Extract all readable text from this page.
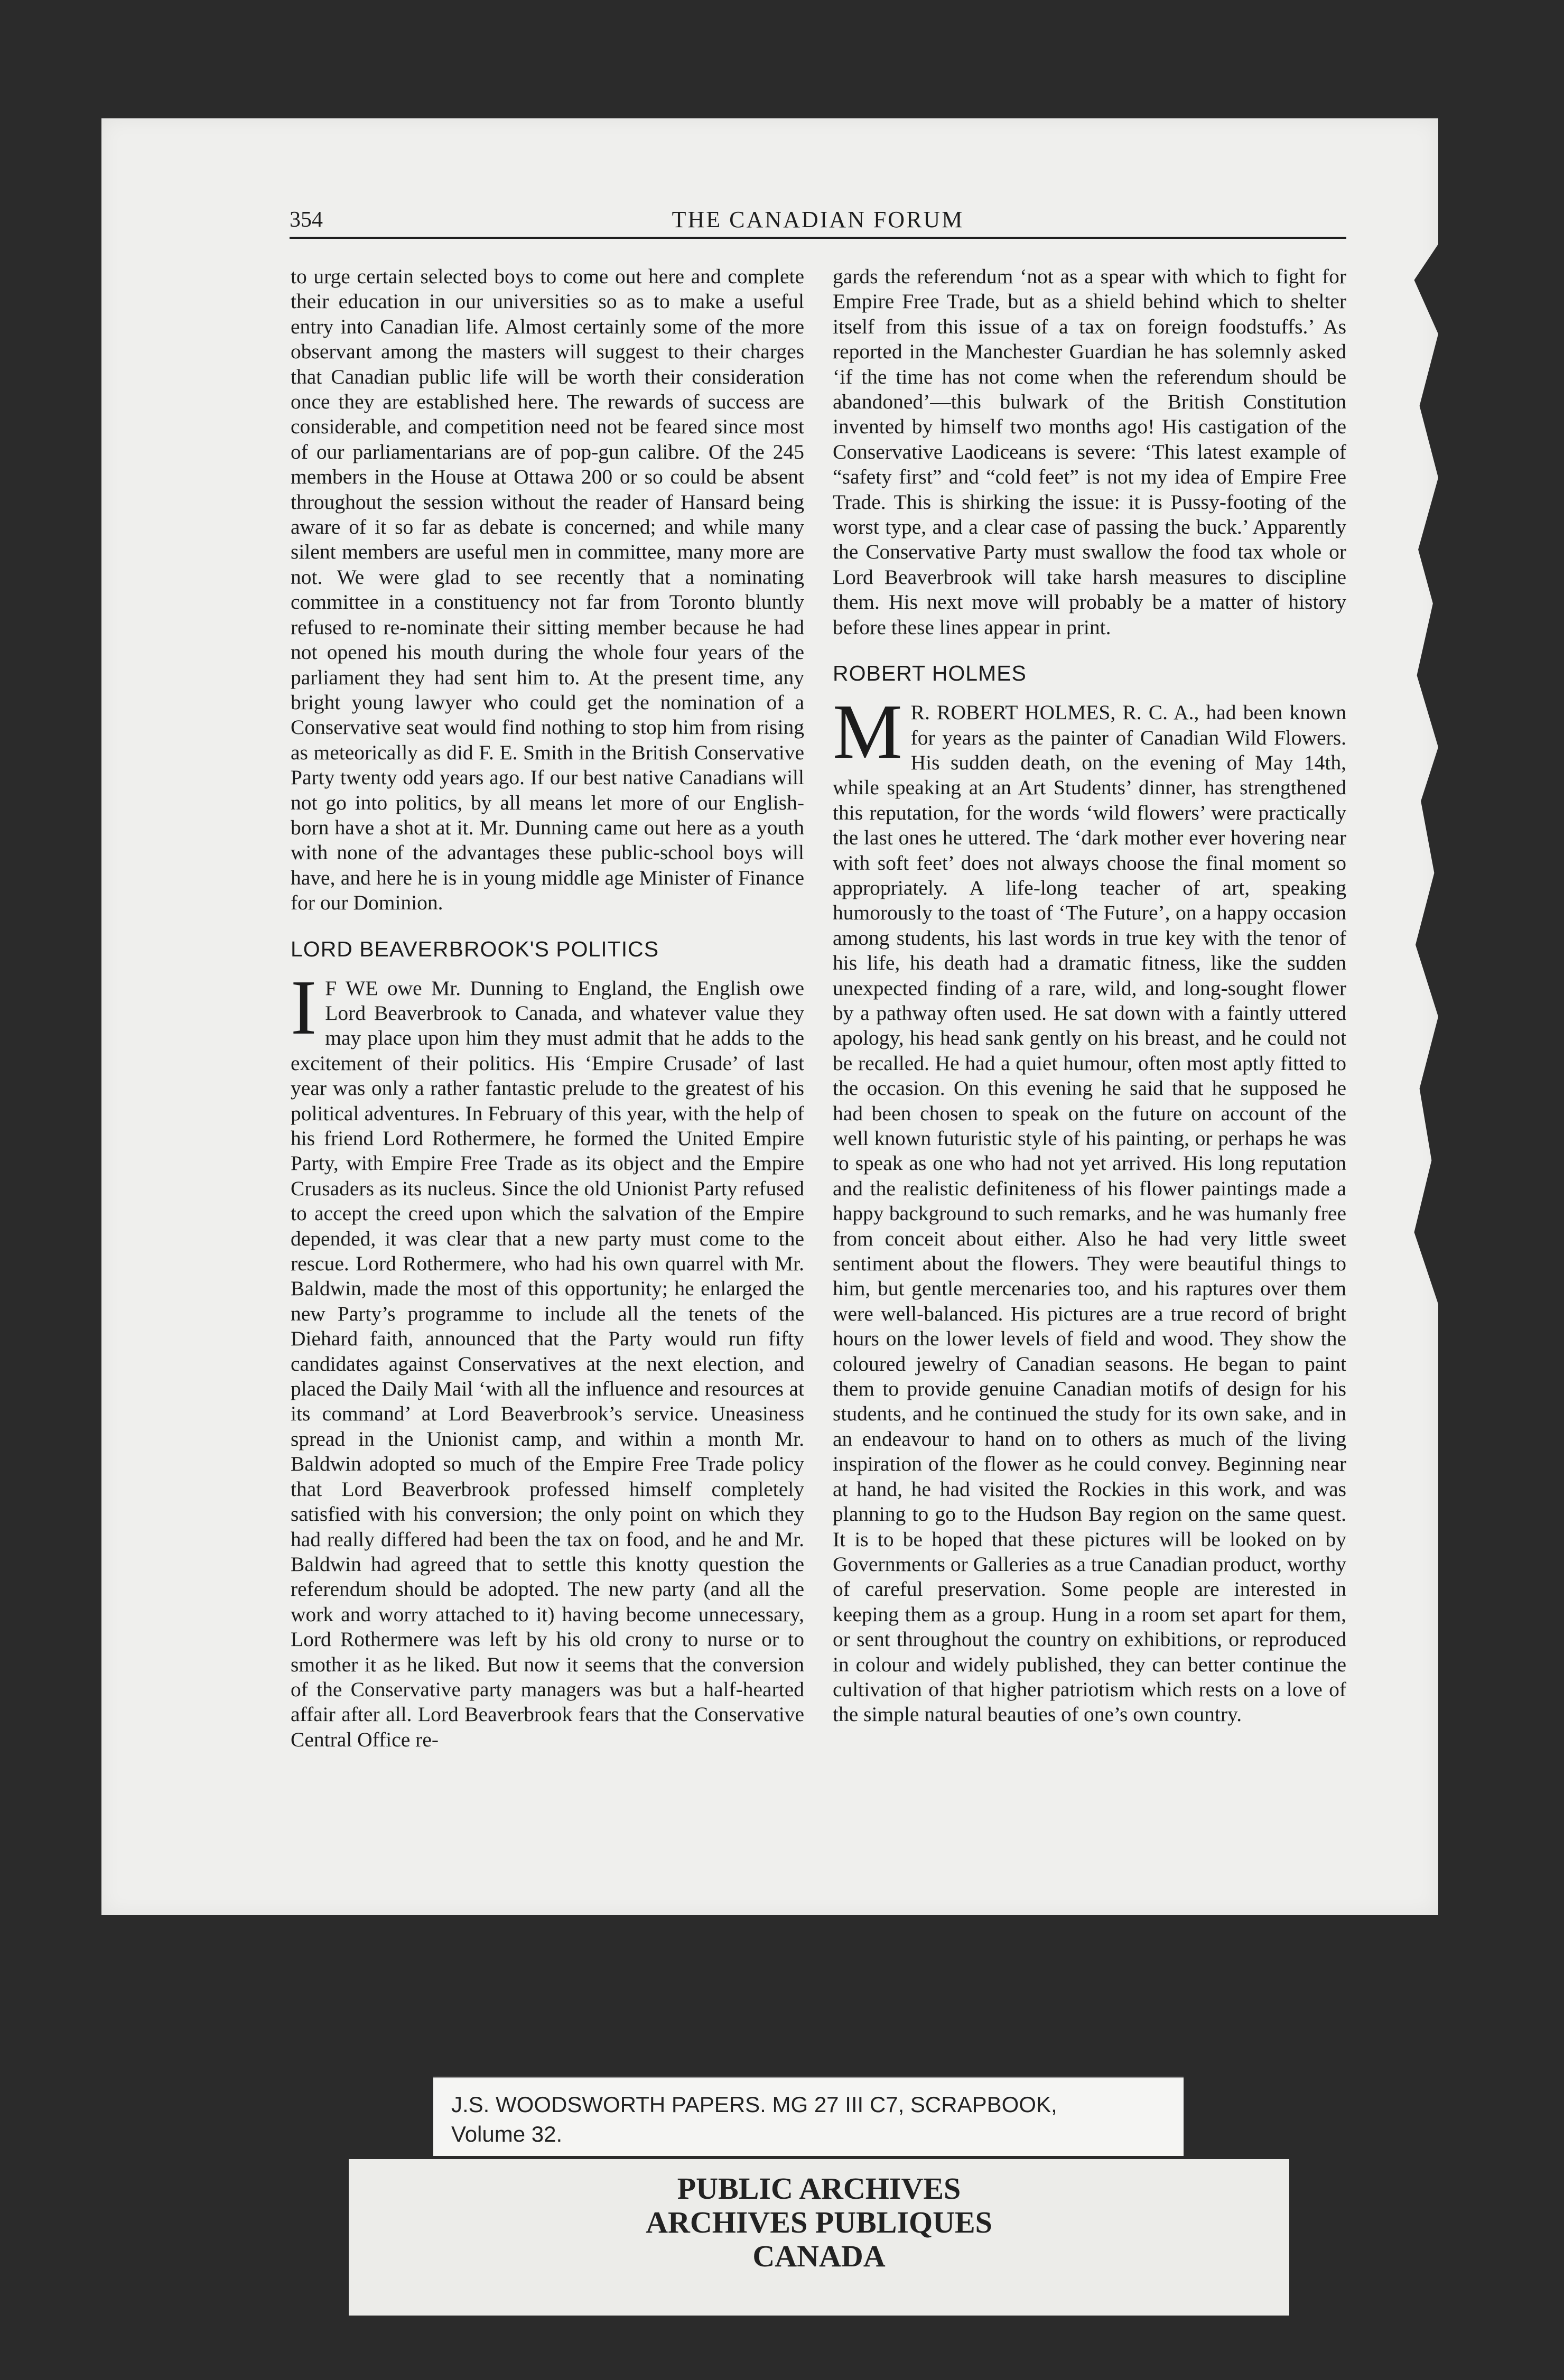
354	THE CANADIAN FORUM

to urge certain selected boys to come out here and complete their education in our universities so as to make a useful entry into Canadian life. Almost certainly some of the more observant among the masters will suggest to their charges that Canadian public life will be worth their consideration once they are established here. The rewards of success are considerable, and competition need not be feared since most of our parliamentarians are of pop-gun calibre. Of the 245 members in the House at Ottawa 200 or so could be absent throughout the session without the reader of Hansard being aware of it so far as debate is concerned; and while many silent members are useful men in committee, many more are not. We were glad to see recently that a nominating committee in a constituency not far from Toronto bluntly refused to re-nominate their sitting member because he had not opened his mouth during the whole four years of the parliament they had sent him to. At the present time, any bright young lawyer who could get the nomination of a Conservative seat would find nothing to stop him from rising as meteorically as did F. E. Smith in the British Conservative Party twenty odd years ago. If our best native Canadians will not go into politics, by all means let more of our English-born have a shot at it. Mr. Dunning came out here as a youth with none of the advantages these public-school boys will have, and here he is in young middle age Minister of Finance for our Dominion.

LORD BEAVERBROOK'S POLITICS

I F WE owe Mr. Dunning to England, the English owe Lord Beaverbrook to Canada, and whatever value they may place upon him they must admit that he adds to the excitement of their politics. His ‘Empire Crusade’ of last year was only a rather fantastic prelude to the greatest of his political adventures. In February of this year, with the help of his friend Lord Rothermere, he formed the United Empire Party, with Empire Free Trade as its object and the Empire Crusaders as its nucleus. Since the old Unionist Party refused to accept the creed upon which the salvation of the Empire depended, it was clear that a new party must come to the rescue. Lord Rothermere, who had his own quarrel with Mr. Baldwin, made the most of this opportunity; he enlarged the new Party’s programme to include all the tenets of the Diehard faith, announced that the Party would run fifty candidates against Conservatives at the next election, and placed the Daily Mail ‘with all the influence and resources at its command’ at Lord Beaverbrook’s service. Uneasiness spread in the Unionist camp, and within a month Mr. Baldwin adopted so much of the Empire Free Trade policy that Lord Beaverbrook professed himself completely satisfied with his conversion; the only point on which they had really differed had been the tax on food, and he and Mr. Baldwin had agreed that to settle this knotty question the referendum should be adopted. The new party (and all the work and worry attached to it) having become unnecessary, Lord Rothermere was left by his old crony to nurse or to smother it as he liked. But now it seems that the conversion of the Conservative party managers was but a half-hearted affair after all. Lord Beaverbrook fears that the Conservative Central Office re-

gards the referendum ‘not as a spear with which to fight for Empire Free Trade, but as a shield behind which to shelter itself from this issue of a tax on foreign foodstuffs.’ As reported in the Manchester Guardian he has solemnly asked ‘if the time has not come when the referendum should be abandoned’—this bulwark of the British Constitution invented by himself two months ago! His castigation of the Conservative Laodiceans is severe: ‘This latest example of “safety first” and “cold feet” is not my idea of Empire Free Trade. This is shirking the issue: it is Pussy-footing of the worst type, and a clear case of passing the buck.’ Apparently the Conservative Party must swallow the food tax whole or Lord Beaverbrook will take harsh measures to discipline them. His next move will probably be a matter of history before these lines appear in print.

ROBERT HOLMES

M R. ROBERT HOLMES, R. C. A., had been known for years as the painter of Canadian Wild Flowers. His sudden death, on the evening of May 14th, while speaking at an Art Students’ dinner, has strengthened this reputation, for the words ‘wild flowers’ were practically the last ones he uttered. The ‘dark mother ever hovering near with soft feet’ does not always choose the final moment so appropriately. A life-long teacher of art, speaking humorously to the toast of ‘The Future’, on a happy occasion among students, his last words in true key with the tenor of his life, his death had a dramatic fitness, like the sudden unexpected finding of a rare, wild, and long-sought flower by a pathway often used. He sat down with a faintly uttered apology, his head sank gently on his breast, and he could not be recalled. He had a quiet humour, often most aptly fitted to the occasion. On this evening he said that he supposed he had been chosen to speak on the future on account of the well known futuristic style of his painting, or perhaps he was to speak as one who had not yet arrived. His long reputation and the realistic definiteness of his flower paintings made a happy background to such remarks, and he was humanly free from conceit about either. Also he had very little sweet sentiment about the flowers. They were beautiful things to him, but gentle mercenaries too, and his raptures over them were well-balanced. His pictures are a true record of bright hours on the lower levels of field and wood. They show the coloured jewelry of Canadian seasons. He began to paint them to provide genuine Canadian motifs of design for his students, and he continued the study for its own sake, and in an endeavour to hand on to others as much of the living inspiration of the flower as he could convey. Beginning near at hand, he had visited the Rockies in this work, and was planning to go to the Hudson Bay region on the same quest. It is to be hoped that these pictures will be looked on by Governments or Galleries as a true Canadian product, worthy of careful preservation. Some people are interested in keeping them as a group. Hung in a room set apart for them, or sent throughout the country on exhibitions, or reproduced in colour and widely published, they can better continue the cultivation of that higher patriotism which rests on a love of the simple natural beauties of one’s own country.

J.S. WOODSWORTH PAPERS. MG 27 III C7, SCRAPBOOK,
Volume 32.
PUBLIC ARCHIVES
ARCHIVES PUBLIQUES
CANADA
